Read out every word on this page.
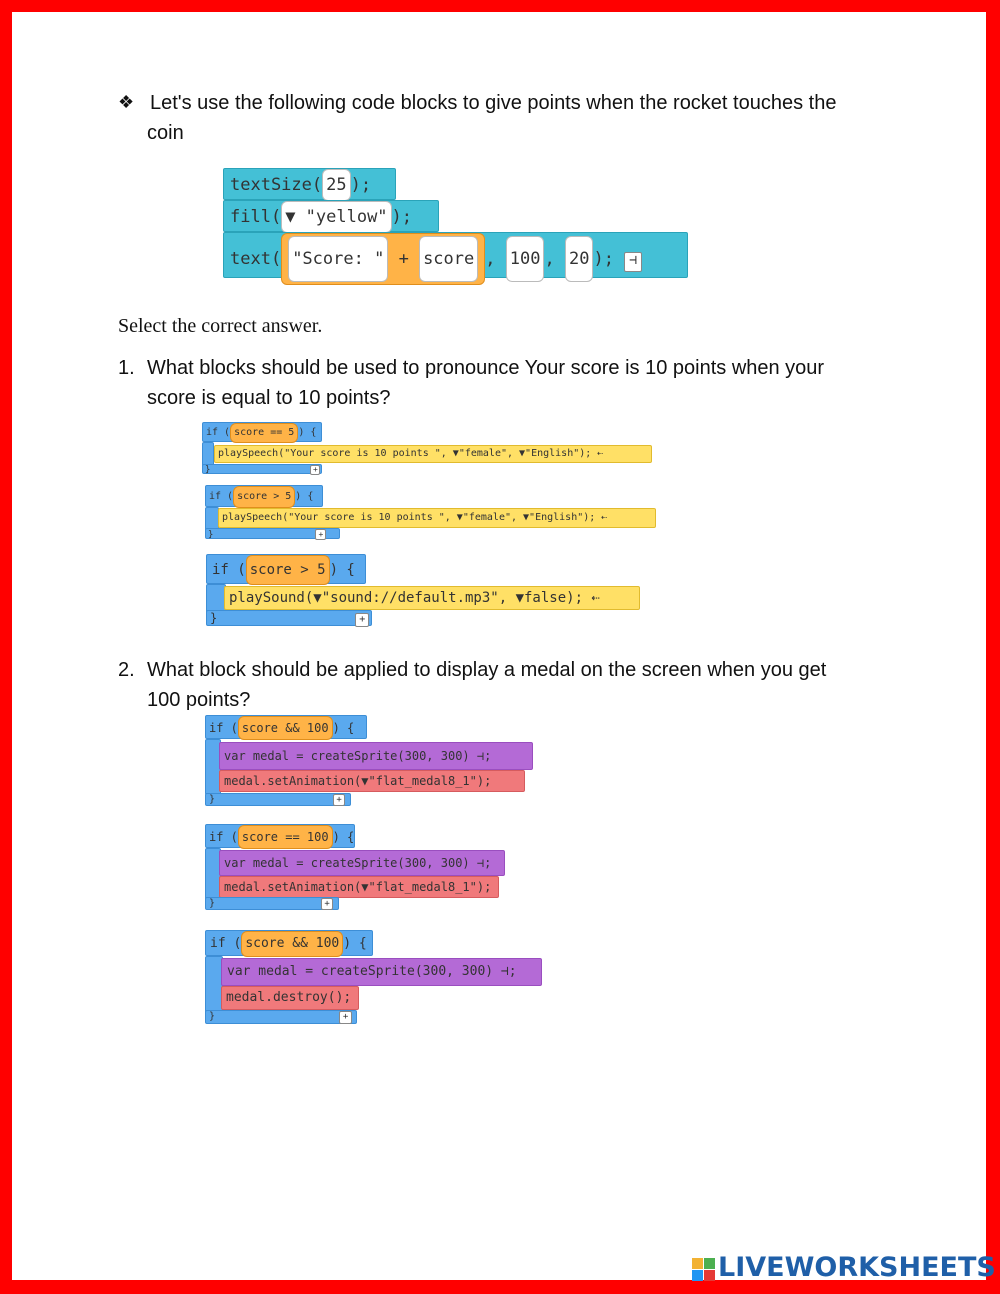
❖ Let's use the following code blocks to give points when the rocket touches the
coin
textSize( 25 );
fill( ▼ "yellow" );
text( "Score: " + score , 100 , 20 ); ⊣
Select the correct answer.
1. What blocks should be used to pronounce Your score is 10 points when your
score is equal to 10 points?
if ( score == 5 ) {
playSpeech("Your score is 10 points ", ▼"female", ▼"English"); ⇠
}	+
if ( score > 5 ) {
playSpeech("Your score is 10 points ", ▼"female", ▼"English"); ⇠
}	+
if ( score > 5 ) {
playSound(▼"sound://default.mp3", ▼false); ⇠
}	+
2. What block should be applied to display a medal on the screen when you get
100 points?
if ( score && 100 ) {
var medal = createSprite(300, 300) ⊣;
medal.setAnimation(▼"flat_medal8_1");
}	+
if ( score == 100 ) {
var medal = createSprite(300, 300) ⊣;
medal.setAnimation(▼"flat_medal8_1");
}	+
if ( score && 100 ) {
var medal = createSprite(300, 300) ⊣;
medal.destroy();
}	+
LIVEWORKSHEETS
